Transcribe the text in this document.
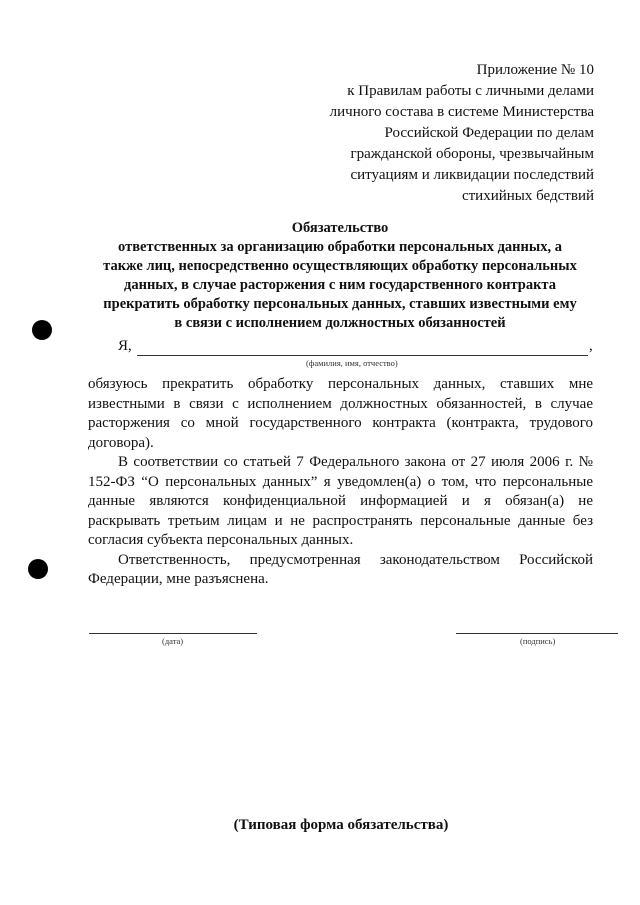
Приложение № 10
к Правилам работы с личными делами
личного состава в системе Министерства
Российской Федерации по делам
гражданской обороны, чрезвычайным
ситуациям и ликвидации последствий
стихийных бедствий
Обязательство
ответственных за организацию обработки персональных данных, а
также лиц, непосредственно осуществляющих обработку персональных
данных, в случае расторжения с ним государственного контракта
прекратить обработку персональных данных, ставших известными ему
в связи с исполнением должностных обязанностей
Я,	,
(фамилия, имя, отчество)

обязуюсь прекратить обработку персональных данных, ставших мне известными в связи с исполнением должностных обязанностей, в случае расторжения со мной государственного контракта (контракта, трудового договора).

В соответствии со статьей 7 Федерального закона от 27 июля 2006 г. № 152-ФЗ “О персональных данных” я уведомлен(а) о том, что персональные данные являются конфиденциальной информацией и я обязан(а) не раскрывать третьим лицам и не распространять персональные данные без согласия субъекта персональных данных.

Ответственность, предусмотренная законодательством Российской Федерации, мне разъяснена.

(дата)	(подпись)
(Типовая форма обязательства)
